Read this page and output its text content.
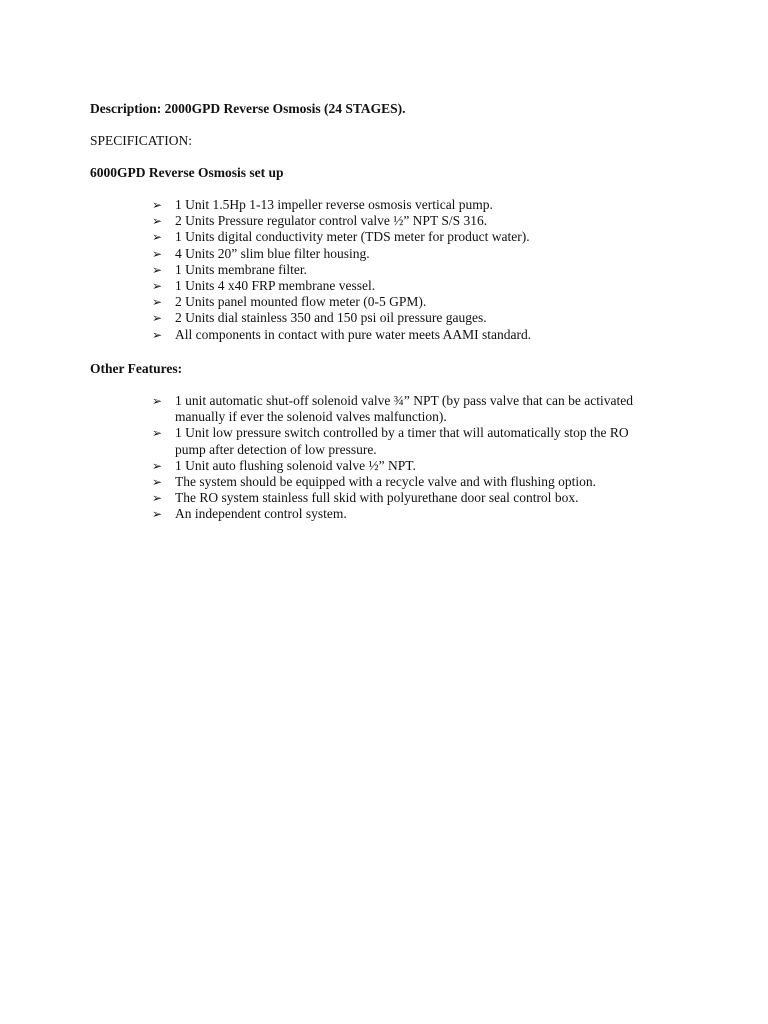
Description: 2000GPD Reverse Osmosis (24 STAGES).
SPECIFICATION:
6000GPD Reverse Osmosis set up
➢ 1 Unit 1.5Hp 1-13 impeller reverse osmosis vertical pump.
➢ 2 Units Pressure regulator control valve ½” NPT S/S 316.
➢ 1 Units digital conductivity meter (TDS meter for product water).
➢ 4 Units 20” slim blue filter housing.
➢ 1 Units membrane filter.
➢ 1 Units 4 x40 FRP membrane vessel.
➢ 2 Units panel mounted flow meter (0-5 GPM).
➢ 2 Units dial stainless 350 and 150 psi oil pressure gauges.
➢ All components in contact with pure water meets AAMI standard.
Other Features:
➢ 1 unit automatic shut-off solenoid valve ¾” NPT (by pass valve that can be activated manually if ever the solenoid valves malfunction).
➢ 1 Unit low pressure switch controlled by a timer that will automatically stop the RO pump after detection of low pressure.
➢ 1 Unit auto flushing solenoid valve ½” NPT.
➢ The system should be equipped with a recycle valve and with flushing option.
➢ The RO system stainless full skid with polyurethane door seal control box.
➢ An independent control system.
